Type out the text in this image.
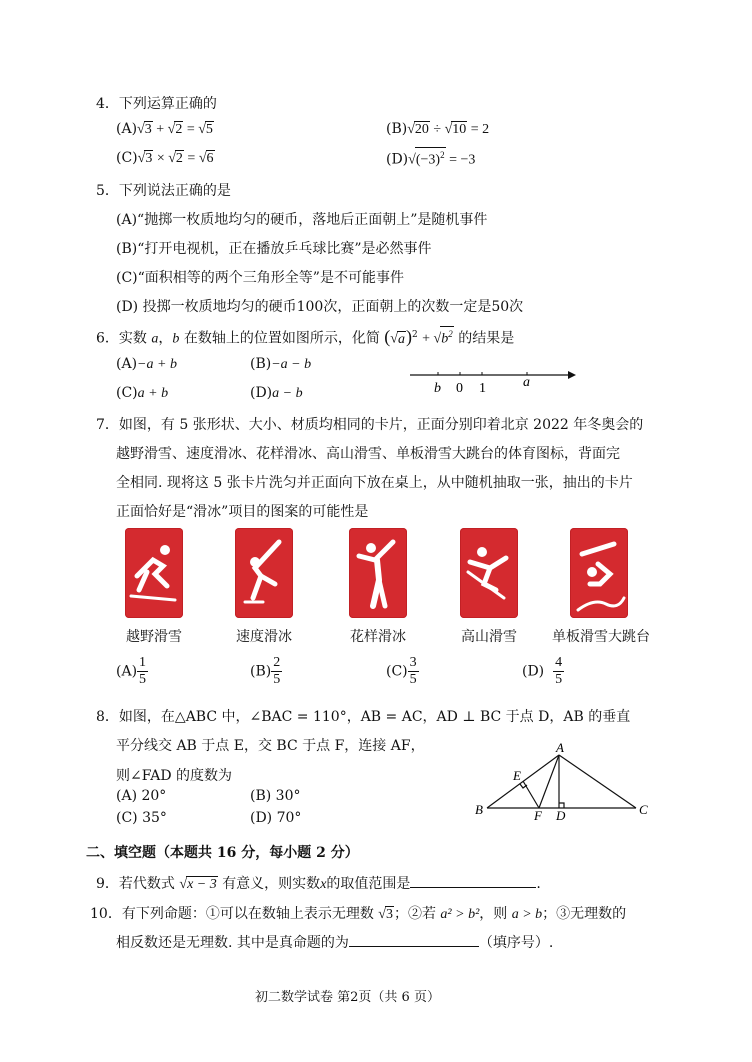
4．下列运算正确的
(A)√3 + √2 = √5	(B)√20 ÷ √10 = 2
(C)√3 × √2 = √6	$(D)√(-3)^2 = -3$
5．下列说法正确的是
(A)“抛掷一枚质地均匀的硬币，落地后正面朝上”是随机事件
(B)“打开电视机，正在播放乒乓球比赛”是必然事件
(C)“面积相等的两个三角形全等”是不可能事件
(D) 投掷一枚质地均匀的硬币100次，正面朝上的次数一定是50次
6．实数 a，b 在数轴上的位置如图所示，化简 $(√a)^2 + √b^2$ 的结果是
(A)−a + b	(B)−a − b
(C)a + b	(D)a − b	b 0 1	a
7．如图，有 5 张形状、大小、材质均相同的卡片，正面分别印着北京 2022 年冬奥会的
越野滑雪、速度滑冰、花样滑冰、高山滑雪、单板滑雪大跳台的体育图标，背面完
全相同. 现将这 5 张卡片洗匀并正面向下放在桌上，从中随机抽取一张，抽出的卡片
正面恰好是“滑冰”项目的图案的可能性是
越野滑雪	速度滑冰	花样滑冰	高山滑雪	单板滑雪大跳台
$(A) \frac{1}{5}$	$(B) \frac{2}{5}$	$(C) \frac{3}{5}$	$(D) \frac{4}{5}$
8．如图，在△ABC 中，∠BAC = 110°，AB = AC，AD ⊥ BC 于点 D，AB 的垂直
平分线交 AB 于点 E，交 BC 于点 F，连接 AF，
则∠FAD 的度数为
(A) 20°	(B) 30°
(C) 35°	(D) 70°
A
E
B	F D	C
二、填空题（本题共 16 分，每小题 2 分）
9．若代数式 √x − 3 有意义，则实数x的取值范围是	.
10．有下列命题：①可以在数轴上表示无理数 √3；②若 a² > b²，则 a > b；③无理数的
相反数还是无理数. 其中是真命题的为	（填序号）.
初二数学试卷 第2页（共 6 页）
